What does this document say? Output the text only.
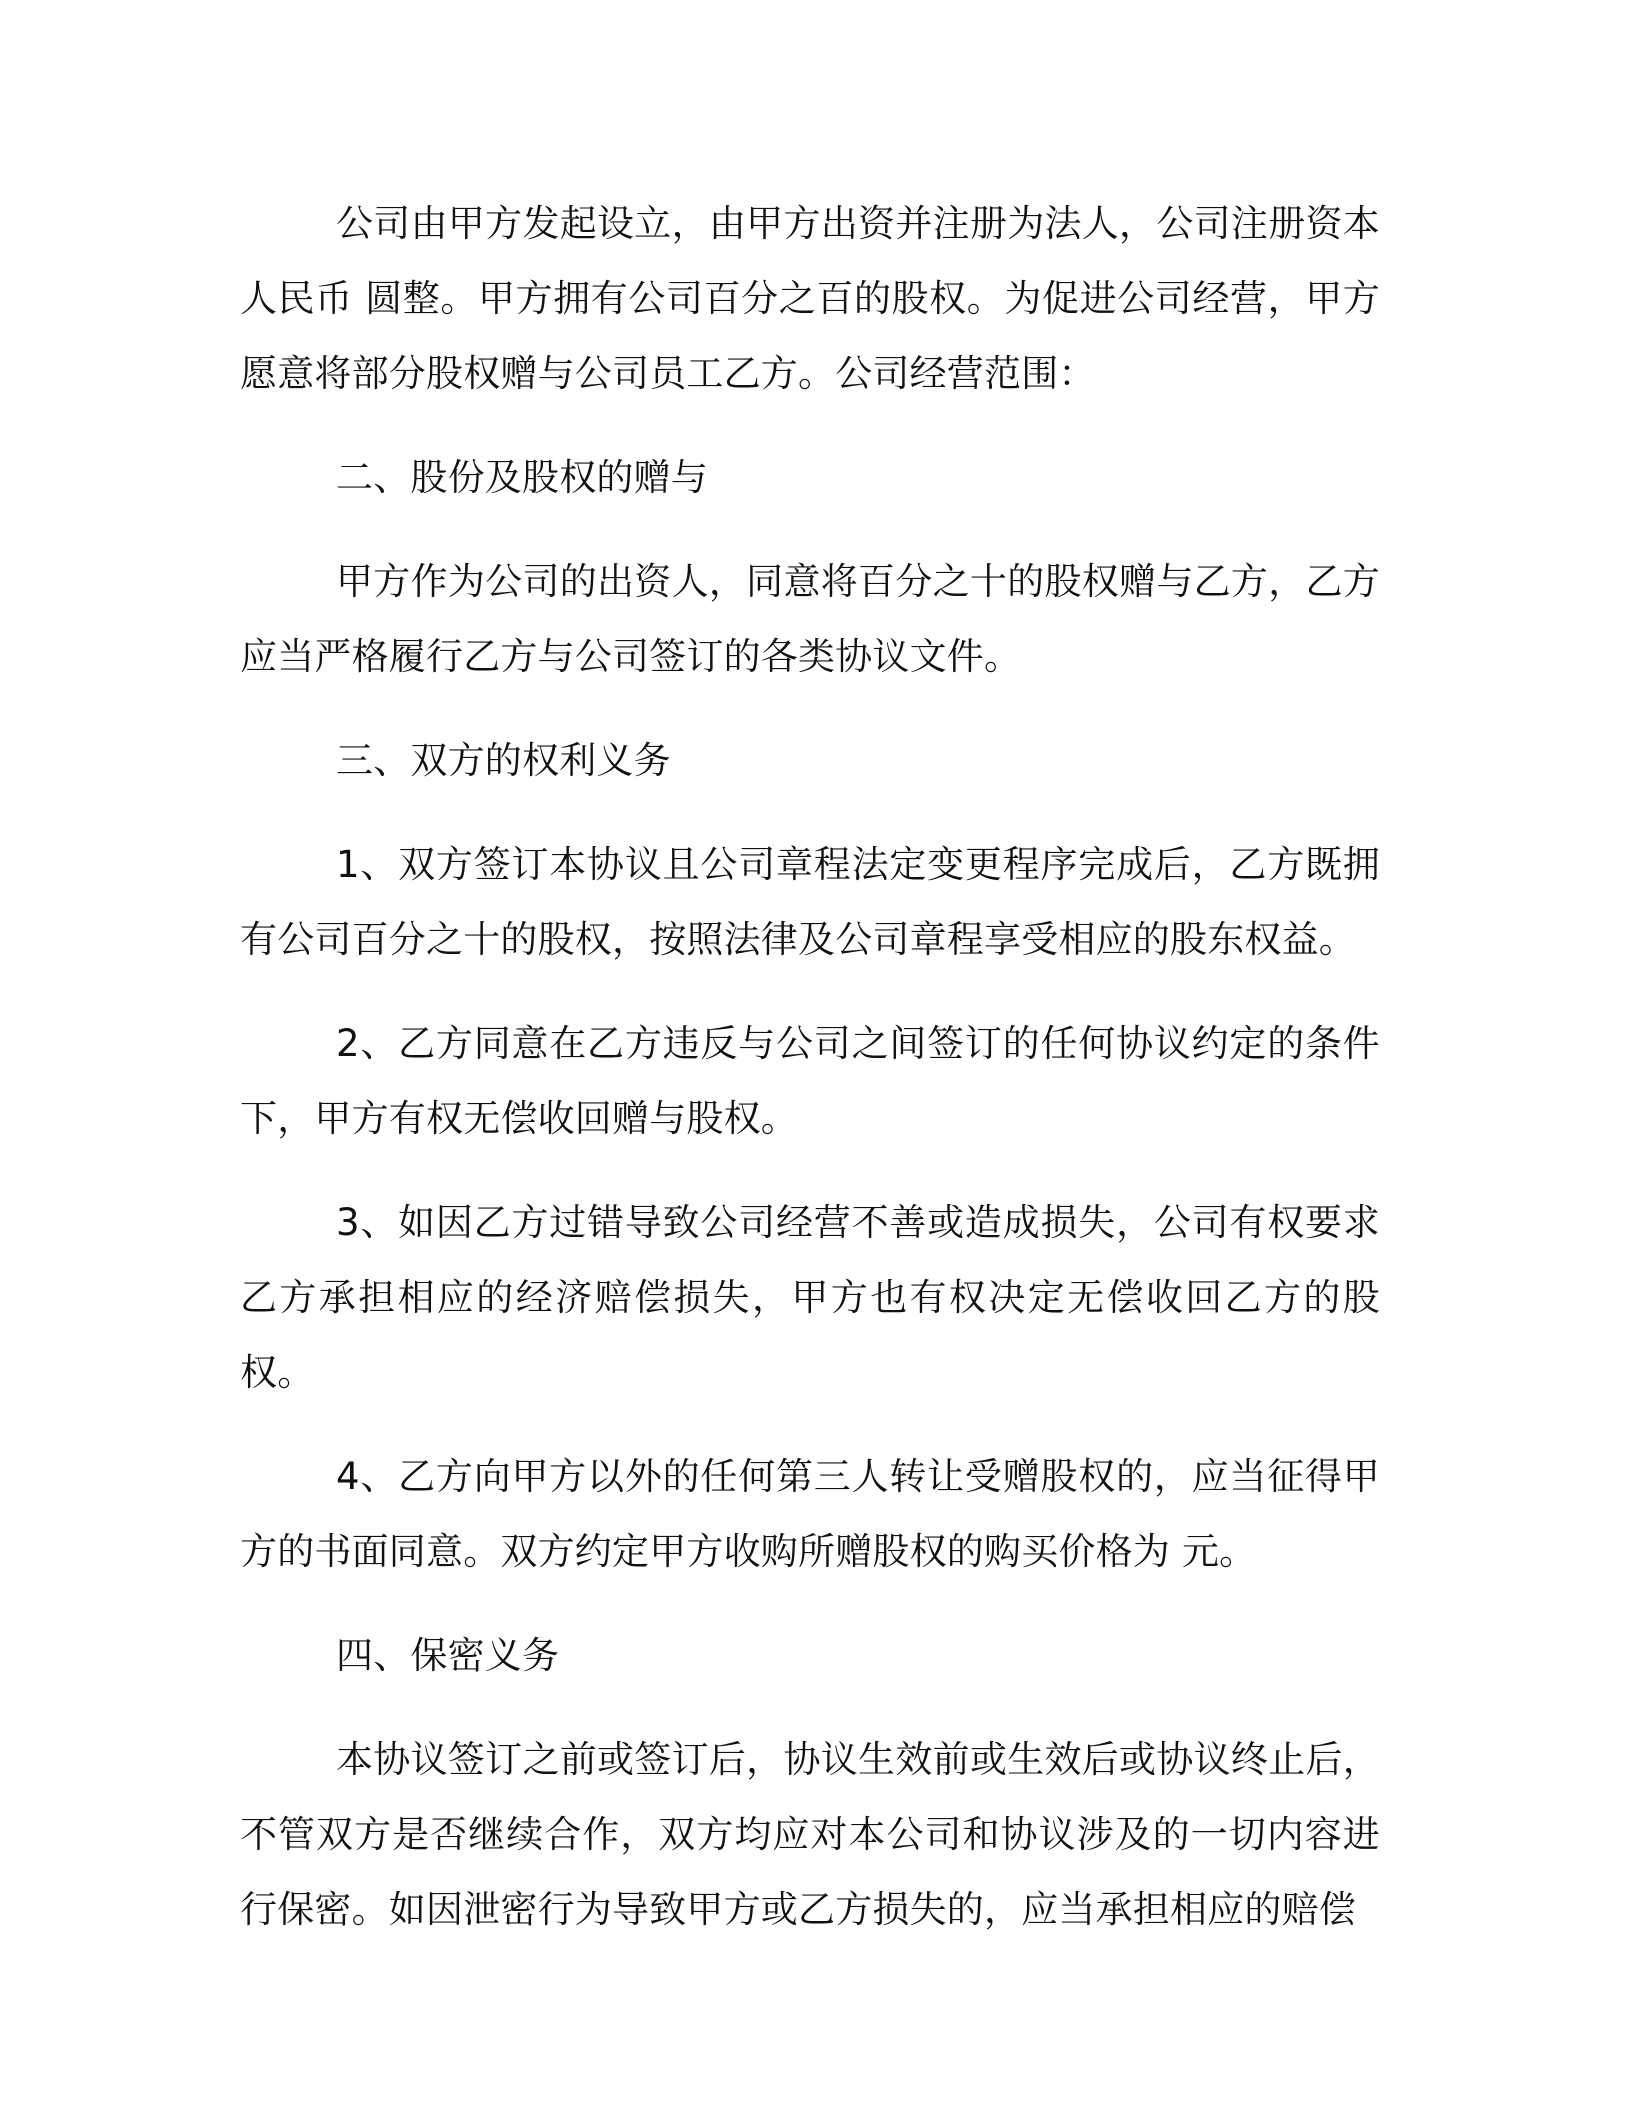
公司由甲方发起设立，由甲方出资并注册为法人，公司注册资本人民币 圆整。甲方拥有公司百分之百的股权。为促进公司经营，甲方愿意将部分股权赠与公司员工乙方。公司经营范围：

二、股份及股权的赠与

甲方作为公司的出资人，同意将百分之十的股权赠与乙方，乙方应当严格履行乙方与公司签订的各类协议文件。

三、双方的权利义务

1、双方签订本协议且公司章程法定变更程序完成后，乙方既拥有公司百分之十的股权，按照法律及公司章程享受相应的股东权益。

2、乙方同意在乙方违反与公司之间签订的任何协议约定的条件下，甲方有权无偿收回赠与股权。

3、如因乙方过错导致公司经营不善或造成损失，公司有权要求乙方承担相应的经济赔偿损失，甲方也有权决定无偿收回乙方的股权。

4、乙方向甲方以外的任何第三人转让受赠股权的，应当征得甲方的书面同意。双方约定甲方收购所赠股权的购买价格为 元。

四、保密义务

本协议签订之前或签订后，协议生效前或生效后或协议终止后，不管双方是否继续合作，双方均应对本公司和协议涉及的一切内容进行保密。如因泄密行为导致甲方或乙方损失的，应当承担相应的赔偿
